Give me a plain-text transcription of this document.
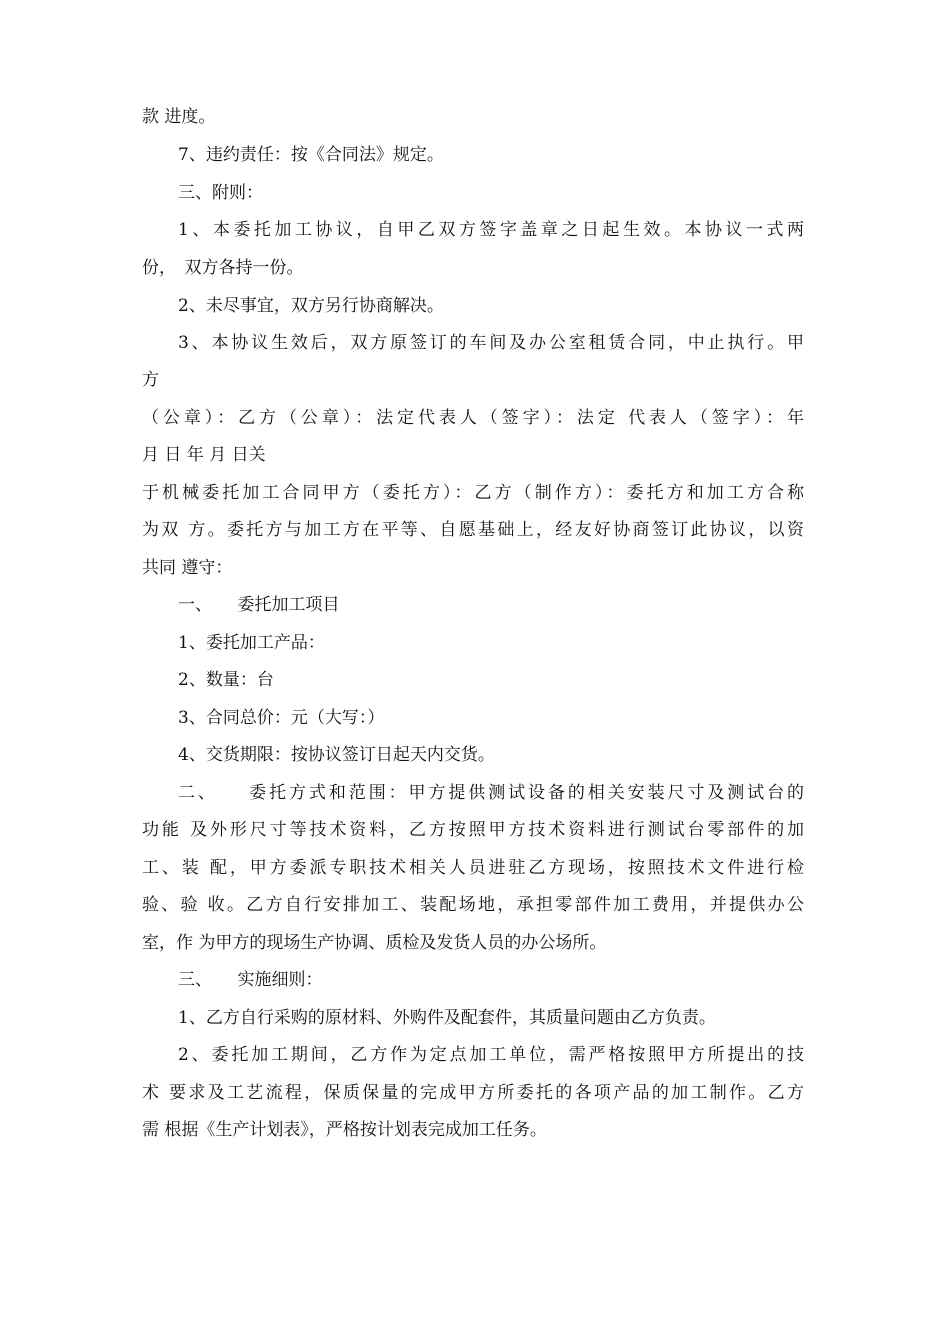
款 进度。
7、违约责任：按《合同法》规定。
三、附则：
1、本委托加工协议，自甲乙双方签字盖章之日起生效。本协议一式两
份，　双方各持一份。
2、未尽事宜，双方另行协商解决。
3、本协议生效后，双方原签订的车间及办公室租赁合同，中止执行。甲
方
（公章）：乙方（公章）：法定代表人（签字）：法定 代表人（签字）：年
月 日 年 月 日关
于机械委托加工合同甲方（委托方）：乙方（制作方）：委托方和加工方合称
为双 方。委托方与加工方在平等、自愿基础上，经友好协商签订此协议，以资
共同 遵守：
一、　　委托加工项目
1、委托加工产品：
2、数量：台
3、合同总价：元（大写：）
4、交货期限：按协议签订日起天内交货。
二、　　委托方式和范围：甲方提供测试设备的相关安装尺寸及测试台的
功能 及外形尺寸等技术资料，乙方按照甲方技术资料进行测试台零部件的加
工、装 配，甲方委派专职技术相关人员进驻乙方现场，按照技术文件进行检
验、验 收。乙方自行安排加工、装配场地，承担零部件加工费用，并提供办公
室，作 为甲方的现场生产协调、质检及发货人员的办公场所。
三、　　实施细则：
1、乙方自行采购的原材料、外购件及配套件，其质量问题由乙方负责。
2、委托加工期间，乙方作为定点加工单位，需严格按照甲方所提出的技
术 要求及工艺流程，保质保量的完成甲方所委托的各项产品的加工制作。乙方
需 根据《生产计划表》，严格按计划表完成加工任务。
